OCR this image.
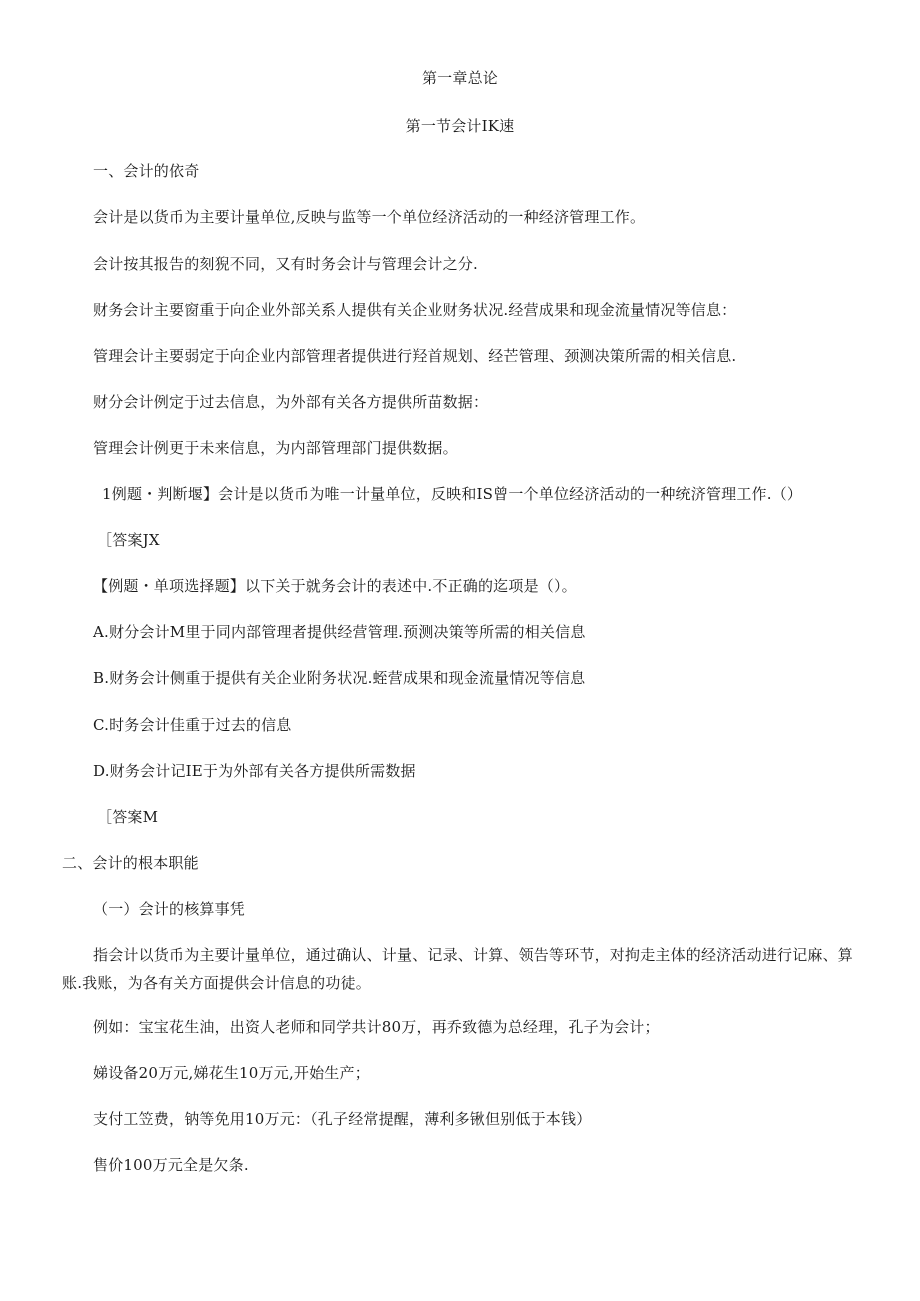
第一章总论
第一节会计IK速
一、会计的依奇
会计是以货币为主要计量单位,反映与监等一个单位经济活动的一种经济管理工作。
会计按其报告的刻猊不同，又有时务会计与管理会计之分.
财务会计主要窗重于向企业外部关系人提供有关企业财务状况.经营成果和现金流量情况等信息：
管理会计主要弱定于向企业内部管理者提供进行羟首规划、经芒管理、颈测决策所需的相关信息.
财分会计例定于过去信息，为外部有关各方提供所苗数据：
管理会计例更于未来信息，为内部管理部门提供数据。
1例题・判断堰】会计是以货币为唯一计量单位，反映和IS曾一个单位经济活动的一种统济管理工作.（）
［答案JX
【例题・单项选择题】以下关于就务会计的表述中.不正确的迄项是（）。
A.财分会计M里于同内部管理者提供经营管理.预测决策等所需的相关信息
B.财务会计侧重于提供有关企业附务状况.蛭营成果和现金流量情况等信息
C.时务会计佳重于过去的信息
D.财务会计记IE于为外部有关各方提供所需数据
［答案M
二、会计的根本职能
（一）会计的核算事凭
指会计以货币为主要计量单位，通过确认、计量、记录、计算、领告等环节，对拘走主体的经济活动进行记麻、算账.我账，为各有关方面提供会计信息的功徒。
例如：宝宝花生油，出资人老师和同学共计80万，再乔致德为总经理，孔子为会计；
娣设备20万元,娣花生10万元,开始生产；
支付工笠费，钠等免用10万元：（孔子经常提醒，薄利多锹但别低于本钱）
售价100万元全是欠条.
